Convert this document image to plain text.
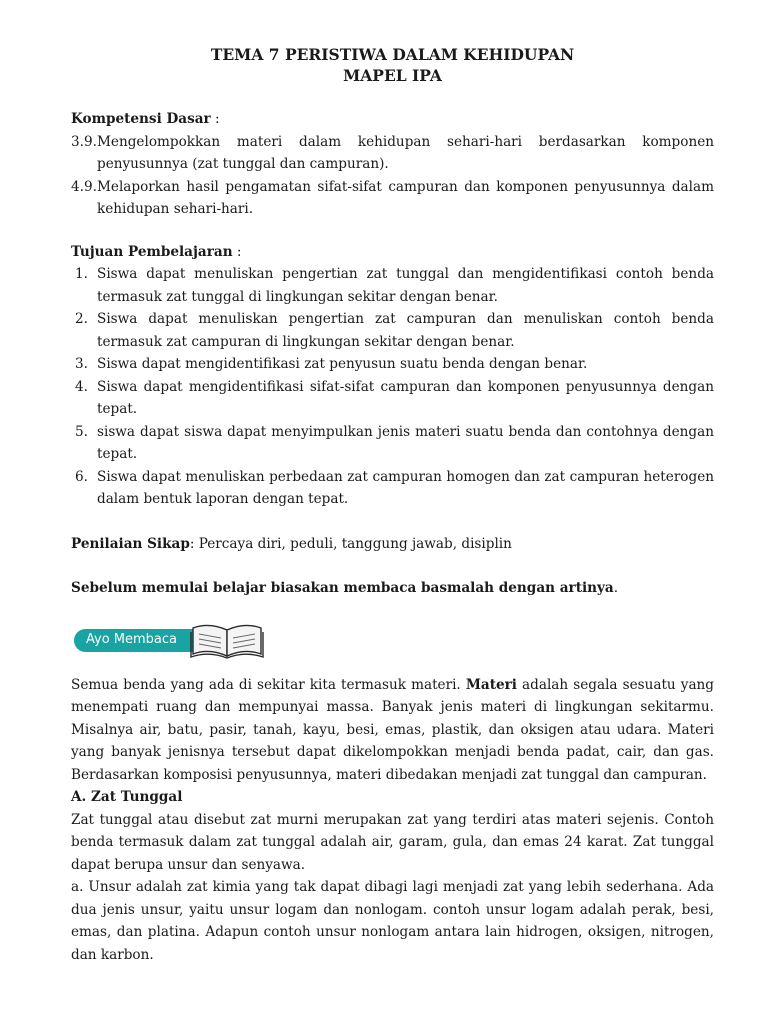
TEMA 7 PERISTIWA DALAM KEHIDUPAN

MAPEL IPA

Kompetensi Dasar :

3.9. Mengelompokkan materi dalam kehidupan sehari-hari berdasarkan komponen penyusunnya (zat tunggal dan campuran).
4.9. Melaporkan hasil pengamatan sifat-sifat campuran dan komponen penyusunnya dalam kehidupan sehari-hari.

Tujuan Pembelajaran :

1. Siswa dapat menuliskan pengertian zat tunggal dan mengidentifikasi contoh benda termasuk zat tunggal di lingkungan sekitar dengan benar.
2. Siswa dapat menuliskan pengertian zat campuran dan menuliskan contoh benda termasuk zat campuran di lingkungan sekitar dengan benar.
3. Siswa dapat mengidentifikasi zat penyusun suatu benda dengan benar.
4. Siswa dapat mengidentifikasi sifat-sifat campuran dan komponen penyusunnya dengan tepat.
5. siswa dapat siswa dapat menyimpulkan jenis materi suatu benda dan contohnya dengan tepat.
6. Siswa dapat menuliskan perbedaan zat campuran homogen dan zat campuran heterogen dalam bentuk laporan dengan tepat.

Penilaian Sikap: Percaya diri, peduli, tanggung jawab, disiplin

Sebelum memulai belajar biasakan membaca basmalah dengan artinya.

Ayo Membaca

Semua benda yang ada di sekitar kita termasuk materi. Materi adalah segala sesuatu yang menempati ruang dan mempunyai massa. Banyak jenis materi di lingkungan sekitarmu. Misalnya air, batu, pasir, tanah, kayu, besi, emas, plastik, dan oksigen atau udara. Materi yang banyak jenisnya tersebut dapat dikelompokkan menjadi benda padat, cair, dan gas. Berdasarkan komposisi penyusunnya, materi dibedakan menjadi zat tunggal dan campuran.

A. Zat Tunggal

Zat tunggal atau disebut zat murni merupakan zat yang terdiri atas materi sejenis. Contoh benda termasuk dalam zat tunggal adalah air, garam, gula, dan emas 24 karat. Zat tunggal dapat berupa unsur dan senyawa.

a. Unsur adalah zat kimia yang tak dapat dibagi lagi menjadi zat yang lebih sederhana. Ada dua jenis unsur, yaitu unsur logam dan nonlogam. contoh unsur logam adalah perak, besi, emas, dan platina. Adapun contoh unsur nonlogam antara lain hidrogen, oksigen, nitrogen, dan karbon.
